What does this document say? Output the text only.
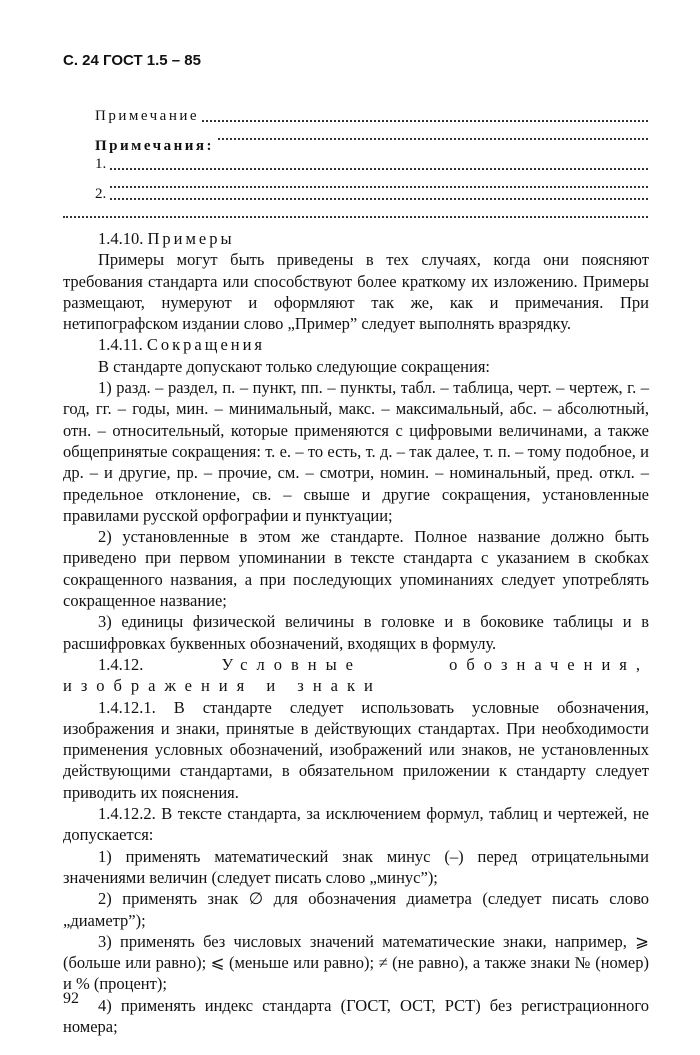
С. 24 ГОСТ 1.5 – 85
Примечание
Примечания:
1.
2.

1.4.10. Примеры

Примеры могут быть приведены в тех случаях, когда они поясняют требования стандарта или способствуют более краткому их изложению. Примеры размещают, нумеруют и оформляют так же, как и примечания. При нетипографском издании слово „Пример” следует выполнять вразрядку.

1.4.11. Сокращения

В стандарте допускают только следующие сокращения:

1) разд. – раздел, п. – пункт, пп. – пункты, табл. – таблица, черт. – чертеж, г. – год, гг. – годы, мин. – минимальный, макс. – максимальный, абс. – абсолютный, отн. – относительный, которые применяются с цифровыми величинами, а также общепринятые сокращения: т. е. – то есть, т. д. – так далее, т. п. – тому подобное, и др. – и другие, пр. – прочие, см. – смотри, номин. – номинальный, пред. откл. – предельное отклонение, св. – свыше и другие сокращения, установленные правилами русской орфографии и пунктуации;

2) установленные в этом же стандарте. Полное название должно быть приведено при первом упоминании в тексте стандарта с указанием в скобках сокращенного названия, а при последующих упоминаниях следует употреблять сокращенное название;

3) единицы физической величины в головке и в боковике таблицы и в расшифровках буквенных обозначений, входящих в формулу.

1.4.12.	Условные обозначения, изображения и знаки

1.4.12.1. В стандарте следует использовать условные обозначения, изображения и знаки, принятые в действующих стандартах. При необходимости применения условных обозначений, изображений или знаков, не установленных действующими стандартами, в обязательном приложении к стандарту следует приводить их пояснения.

1.4.12.2. В тексте стандарта, за исключением формул, таблиц и чертежей, не допускается:

1) применять математический знак минус (–) перед отрицательными значениями величин (следует писать слово „минус”);

2) применять знак ∅ для обозначения диаметра (следует писать слово „диаметр”);

3) применять без числовых значений математические знаки, например, ⩾ (больше или равно); ⩽ (меньше или равно); ≠ (не равно), а также знаки № (номер) и % (процент);

4) применять индекс стандарта (ГОСТ, ОСТ, РСТ) без регистрационного номера;

92
